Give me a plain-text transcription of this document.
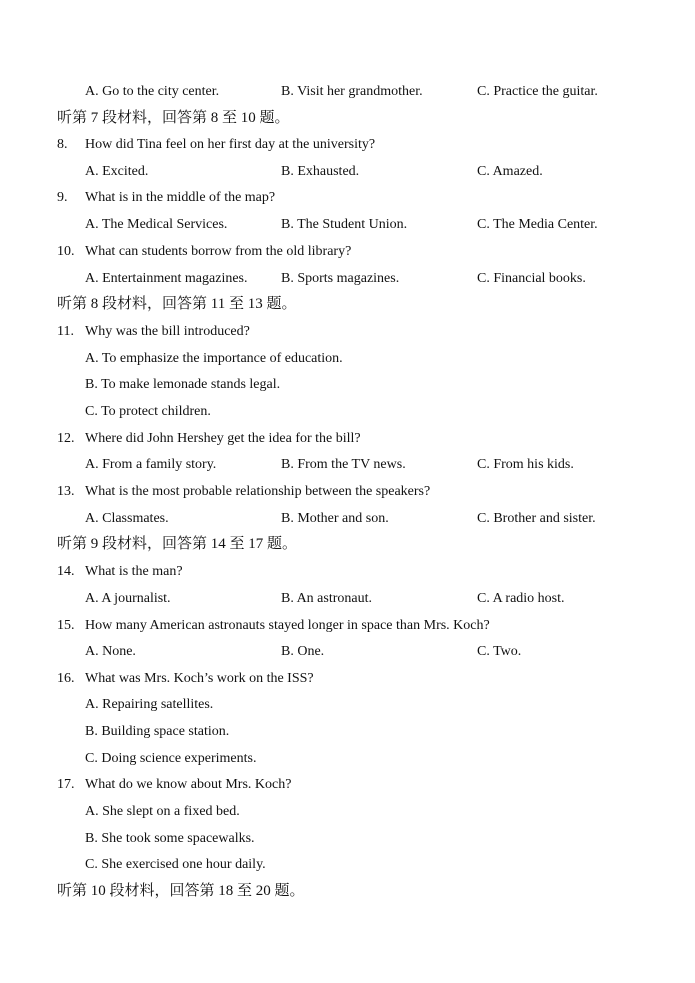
A. Go to the city center.	B. Visit her grandmother.	C. Practice the guitar.
听第 7 段材料，回答第 8 至 10 题。
8. How did Tina feel on her first day at the university?
A. Excited.	B. Exhausted.	C. Amazed.
9. What is in the middle of the map?
A. The Medical Services.	B. The Student Union.	C. The Media Center.
10. What can students borrow from the old library?
A. Entertainment magazines. B. Sports magazines.	C. Financial books.
听第 8 段材料，回答第 11 至 13 题。
11. Why was the bill introduced?
A. To emphasize the importance of education.
B. To make lemonade stands legal.
C. To protect children.
12. Where did John Hershey get the idea for the bill?
A. From a family story.	B. From the TV news.	C. From his kids.
13. What is the most probable relationship between the speakers?
A. Classmates.	B. Mother and son.	C. Brother and sister.
听第 9 段材料，回答第 14 至 17 题。
14. What is the man?
A. A journalist.	B. An astronaut.	C. A radio host.
15. How many American astronauts stayed longer in space than Mrs. Koch?
A. None.	B. One.	C. Two.
16. What was Mrs. Koch’s work on the ISS?
A. Repairing satellites.
B. Building space station.
C. Doing science experiments.
17. What do we know about Mrs. Koch?
A. She slept on a fixed bed.
B. She took some spacewalks.
C. She exercised one hour daily.
听第 10 段材料，回答第 18 至 20 题。
